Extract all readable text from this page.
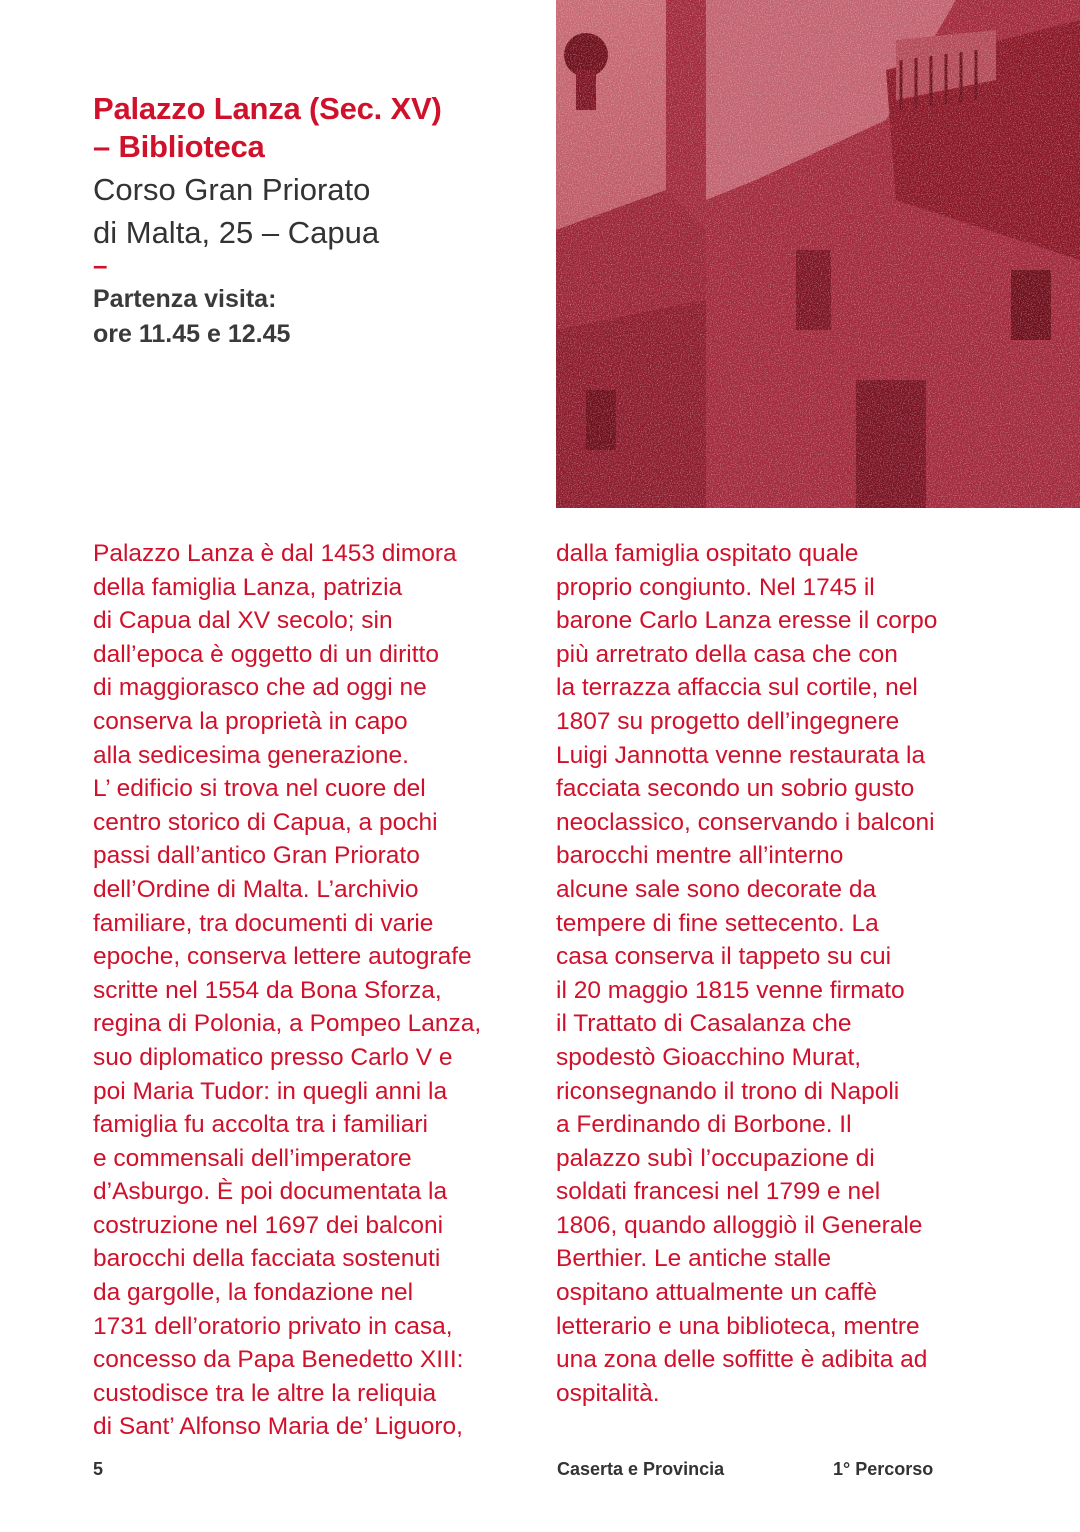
Palazzo Lanza (Sec. XV)
– Biblioteca

Corso Gran Priorato
di Malta, 25 – Capua

–

Partenza visita:
ore 11.45 e 12.45

Palazzo Lanza è dal 1453 dimora
della famiglia Lanza, patrizia
di Capua dal XV secolo; sin
dall’epoca è oggetto di un diritto
di maggiorasco che ad oggi ne
conserva la proprietà in capo
alla sedicesima generazione.
L’ edificio si trova nel cuore del
centro storico di Capua, a pochi
passi dall’antico Gran Priorato
dell’Ordine di Malta. L’archivio
familiare, tra documenti di varie
epoche, conserva lettere autografe
scritte nel 1554 da Bona Sforza,
regina di Polonia, a Pompeo Lanza,
suo diplomatico presso Carlo V e
poi Maria Tudor: in quegli anni la
famiglia fu accolta tra i familiari
e commensali dell’imperatore
d’Asburgo. È poi documentata la
costruzione nel 1697 dei balconi
barocchi della facciata sostenuti
da gargolle, la fondazione nel
1731 dell’oratorio privato in casa,
concesso da Papa Benedetto XIII:
custodisce tra le altre la reliquia
di Sant’ Alfonso Maria de’ Liguoro,

dalla famiglia ospitato quale
proprio congiunto. Nel 1745 il
barone Carlo Lanza eresse il corpo
più arretrato della casa che con
la terrazza affaccia sul cortile, nel
1807 su progetto dell’ingegnere
Luigi Jannotta venne restaurata la
facciata secondo un sobrio gusto
neoclassico, conservando i balconi
barocchi mentre all’interno
alcune sale sono decorate da
tempere di fine settecento. La
casa conserva il tappeto su cui
il 20 maggio 1815 venne firmato
il Trattato di Casalanza che
spodestò Gioacchino Murat,
riconsegnando il trono di Napoli
a Ferdinando di Borbone. Il
palazzo subì l’occupazione di
soldati francesi nel 1799 e nel
1806, quando alloggiò il Generale
Berthier. Le antiche stalle
ospitano attualmente un caffè
letterario e una biblioteca, mentre
una zona delle soffitte è adibita ad
ospitalità.

5	Caserta e Provincia	1° Percorso
